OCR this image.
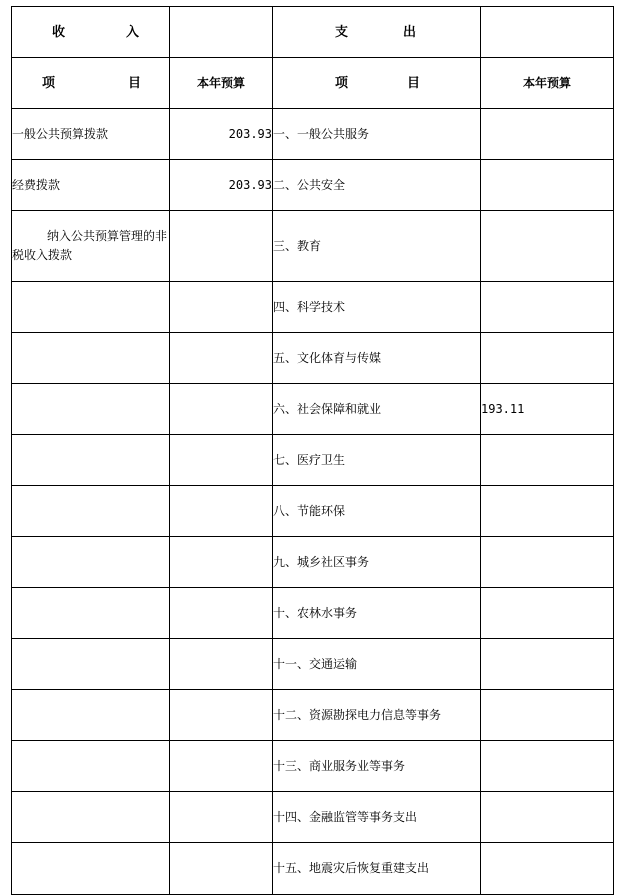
收 入		支 出	

项 目	本年预算	项 目	本年预算
一般公共预算拨款	203.93	一、一般公共服务	
经费拨款	203.93	二、公共安全	
纳入公共预算管理的非税收入拨款		三、教育	
		四、科学技术	
		五、文化体育与传媒	
		六、社会保障和就业	193.11
		七、医疗卫生	
		八、节能环保	
		九、城乡社区事务	
		十、农林水事务	
		十一、交通运输	
		十二、资源勘探电力信息等事务	
		十三、商业服务业等事务	
		十四、金融监管等事务支出	
		十五、地震灾后恢复重建支出	
